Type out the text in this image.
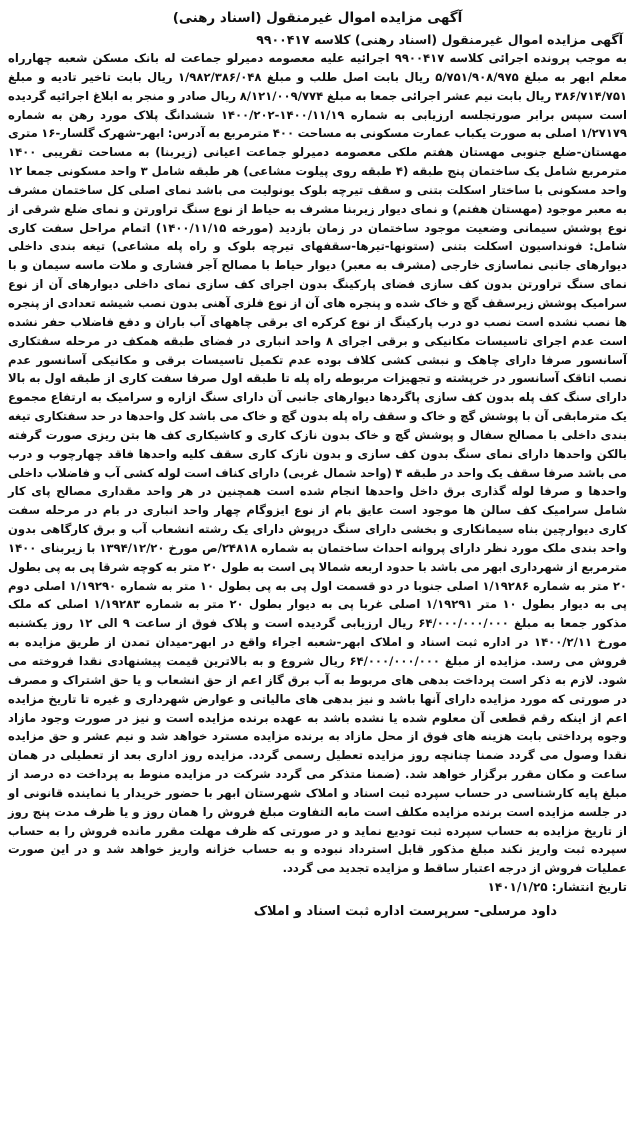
آگهی مزایده اموال غیرمنقول (اسناد رهنی)
آگهی مزایده اموال غیرمنقول (اسناد رهنی) کلاسه ۹۹۰۰۴۱۷

به موجب پرونده اجرائی کلاسه ۹۹۰۰۴۱۷ اجرائیه علیه معصومه دمیرلو جماعت له بانک مسکن شعبه چهارراه معلم ابهر به مبلغ ۵/۷۵۱/۹۰۸/۹۷۵ ریال بابت اصل طلب و مبلغ ۱/۹۸۲/۳۸۶/۰۴۸ ریال بابت تاخیر تادیه و مبلغ ۳۸۶/۷۱۴/۷۵۱ ریال بابت نیم عشر اجرائی جمعا به مبلغ ۸/۱۲۱/۰۰۹/۷۷۴ ریال صادر و منجر به ابلاغ اجرائیه گردیده است سپس برابر صورتجلسه ارزیابی به شماره ۱۴۰۰/۱۱/۱۹-۱۴۰۰/۲۰۲ ششدانگ پلاک مورد رهن به شماره ۱/۲۷۱۷۹ اصلی به صورت یکباب عمارت مسکونی به مساحت ۴۰۰ مترمربع به آدرس: ابهر-شهرک گلسار-۱۶ متری مهستان-ضلع جنوبی مهستان هفتم ملکی معصومه دمیرلو جماعت اعیانی (زیربنا) به مساحت تقریبی ۱۴۰۰ مترمربع شامل یک ساختمان پنج طبقه (۴ طبقه روی پیلوت مشاعی) هر طبقه شامل ۳ واحد مسکونی جمعا ۱۲ واحد مسکونی با ساختار اسکلت بتنی و سقف تیرچه بلوک یونولیت می باشد نمای اصلی کل ساختمان مشرف به معبر موجود (مهستان هفتم) و نمای دیوار زیربنا مشرف به حیاط از نوع سنگ تراورتن و نمای ضلع شرقی از نوع پوشش سیمانی وضعیت موجود ساختمان در زمان بازدید (مورخه ۱۴۰۰/۱۱/۱۵) اتمام مراحل سفت کاری شامل: فونداسیون اسکلت بتنی (ستونها-تیرها-سقفهای تیرچه بلوک و راه پله مشاعی) تیغه بندی داخلی دیوارهای جانبی نماسازی خارجی (مشرف به معبر) دیوار حیاط با مصالح آجر فشاری و ملات ماسه سیمان و با نمای سنگ تراورتن بدون کف سازی فضای پارکینگ بدون اجرای کف سازی نمای داخلی دیوارهای آن از نوع سرامیک پوشش زیرسقف گچ و خاک شده و پنجره های آن از نوع فلزی آهنی بدون نصب شیشه تعدادی از پنجره ها نصب نشده است نصب دو درب پارکینگ از نوع کرکره ای برقی چاههای آب باران و دفع فاضلاب حفر نشده است عدم اجرای تاسیسات مکانیکی و برقی اجرای ۸ واحد انباری در فضای طبقه همکف در مرحله سفتکاری آسانسور صرفا دارای چاهک و نبشی کشی کلاف بوده عدم تکمیل تاسیسات برقی و مکانیکی آسانسور عدم نصب اتاقک آسانسور در خرپشته و تجهیزات مربوطه راه پله تا طبقه اول صرفا سفت کاری از طبقه اول به بالا دارای سنگ کف پله بدون کف سازی پاگردها دیوارهای جانبی آن دارای سنگ ازاره و سرامیک به ارتفاع مجموع یک مترمابقی آن با پوشش گچ و خاک و سقف راه پله بدون گچ و خاک می باشد کل واحدها در حد سفتکاری تیغه بندی داخلی با مصالح سفال و پوشش گچ و خاک بدون نازک کاری و کاشیکاری کف ها بتن ریزی صورت گرفته بالکن واحدها دارای نمای سنگ بدون کف سازی و بدون نازک کاری سقف کلیه واحدها فاقد چهارچوب و درب می باشد صرفا سقف یک واحد در طبقه ۴ (واحد شمال غربی) دارای کناف است لوله کشی آب و فاضلاب داخلی واحدها و صرفا لوله گذاری برق داخل واحدها انجام شده است همچنین در هر واحد مقداری مصالح پای کار شامل سرامیک کف سالن ها موجود است عایق بام از نوع ایزوگام چهار واحد انباری در بام در مرحله سفت کاری دیوارچین بناه سیمانکاری و بخشی دارای سنگ درپوش دارای یک رشته انشعاب آب و برق کارگاهی بدون واحد بندی ملک مورد نظر دارای پروانه احداث ساختمان به شماره ۲۴۸۱۸/ص مورخ ۱۳۹۴/۱۲/۲۰ با زیربنای ۱۴۰۰ مترمربع از شهرداری ابهر می باشد با حدود اربعه شمالا پی است به طول ۲۰ متر به کوچه شرقا پی به پی بطول ۲۰ متر به شماره ۱/۱۹۲۸۶ اصلی جنوبا در دو قسمت اول پی به پی بطول ۱۰ متر به شماره ۱/۱۹۲۹۰ اصلی دوم پی به دیوار بطول ۱۰ متر ۱/۱۹۲۹۱ اصلی غربا پی به دیوار بطول ۲۰ متر به شماره ۱/۱۹۲۸۳ اصلی که ملک مذکور جمعا به مبلغ ۶۴/۰۰۰/۰۰۰/۰۰۰ ریال ارزیابی گردیده است و پلاک فوق از ساعت ۹ الی ۱۲ روز یکشنبه مورخ ۱۴۰۰/۲/۱۱ در اداره ثبت اسناد و املاک ابهر-شعبه اجراء واقع در ابهر-میدان تمدن از طریق مزایده به فروش می رسد. مزایده از مبلغ ۶۴/۰۰۰/۰۰۰/۰۰۰ ریال شروع و به بالاترین قیمت پیشنهادی نقدا فروخته می شود. لازم به ذکر است پرداخت بدهی های مربوط به آب برق گاز اعم از حق انشعاب و یا حق اشتراک و مصرف در صورتی که مورد مزایده دارای آنها باشد و نیز بدهی های مالیاتی و عوارض شهرداری و غیره تا تاریخ مزایده اعم از اینکه رقم قطعی آن معلوم شده یا نشده باشد به عهده برنده مزایده است و نیز در صورت وجود مازاد وجوه پرداختی بابت هزینه های فوق از محل مازاد به برنده مزایده مسترد خواهد شد و نیم عشر و حق مزایده نقدا وصول می گردد ضمنا چنانچه روز مزایده تعطیل رسمی گردد. مزایده روز اداری بعد از تعطیلی در همان ساعت و مکان مقرر برگزار خواهد شد. (ضمنا متذکر می گردد شرکت در مزایده منوط به پرداخت ده درصد از مبلغ پایه کارشناسی در حساب سپرده ثبت اسناد و املاک شهرستان ابهر با حضور خریدار یا نماینده قانونی او در جلسه مزایده است برنده مزایده مکلف است مابه التفاوت مبلغ فروش را همان روز و یا ظرف مدت پنج روز از تاریخ مزایده به حساب سپرده ثبت تودیع نماید و در صورتی که ظرف مهلت مقرر مانده فروش را به حساب سپرده ثبت واریز نکند مبلغ مذکور قابل استرداد نبوده و به حساب خزانه واریز خواهد شد و در این صورت عملیات فروش از درجه اعتبار ساقط و مزایده تجدید می گردد.

تاریخ انتشار: ۱۴۰۱/۱/۲۵
داود مرسلی- سرپرست اداره ثبت اسناد و املاک
